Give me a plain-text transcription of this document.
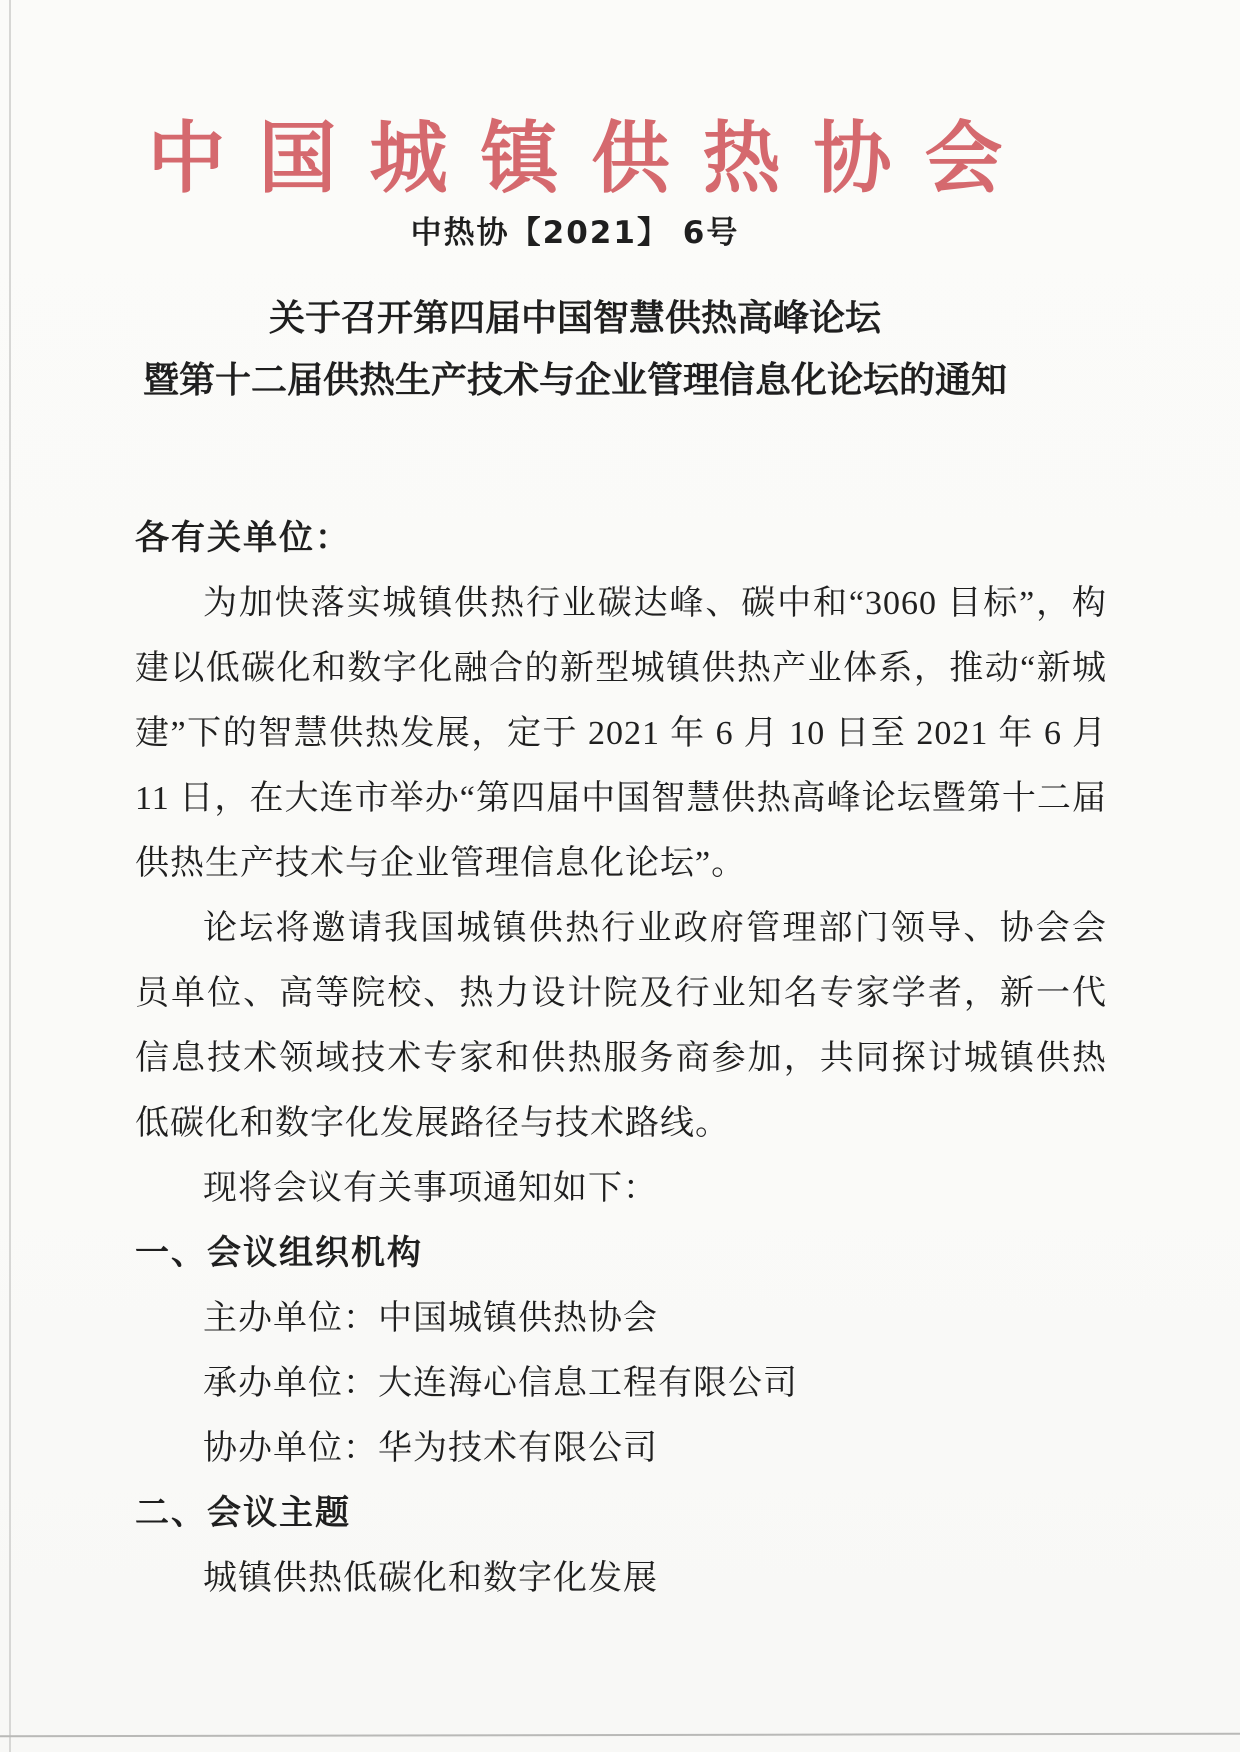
中国城镇供热协会
中热协【2021】 6号
关于召开第四届中国智慧供热高峰论坛
暨第十二届供热生产技术与企业管理信息化论坛的通知
各有关单位：

为加快落实城镇供热行业碳达峰、碳中和“3060 目标”，构建以低碳化和数字化融合的新型城镇供热产业体系，推动“新城建”下的智慧供热发展，定于 2021 年 6 月 10 日至 2021 年 6 月 11 日，在大连市举办“第四届中国智慧供热高峰论坛暨第十二届供热生产技术与企业管理信息化论坛”。

论坛将邀请我国城镇供热行业政府管理部门领导、协会会员单位、高等院校、热力设计院及行业知名专家学者，新一代信息技术领域技术专家和供热服务商参加，共同探讨城镇供热低碳化和数字化发展路径与技术路线。

现将会议有关事项通知如下：

一、会议组织机构
主办单位：中国城镇供热协会
承办单位：大连海心信息工程有限公司
协办单位：华为技术有限公司
二、会议主题
城镇供热低碳化和数字化发展
